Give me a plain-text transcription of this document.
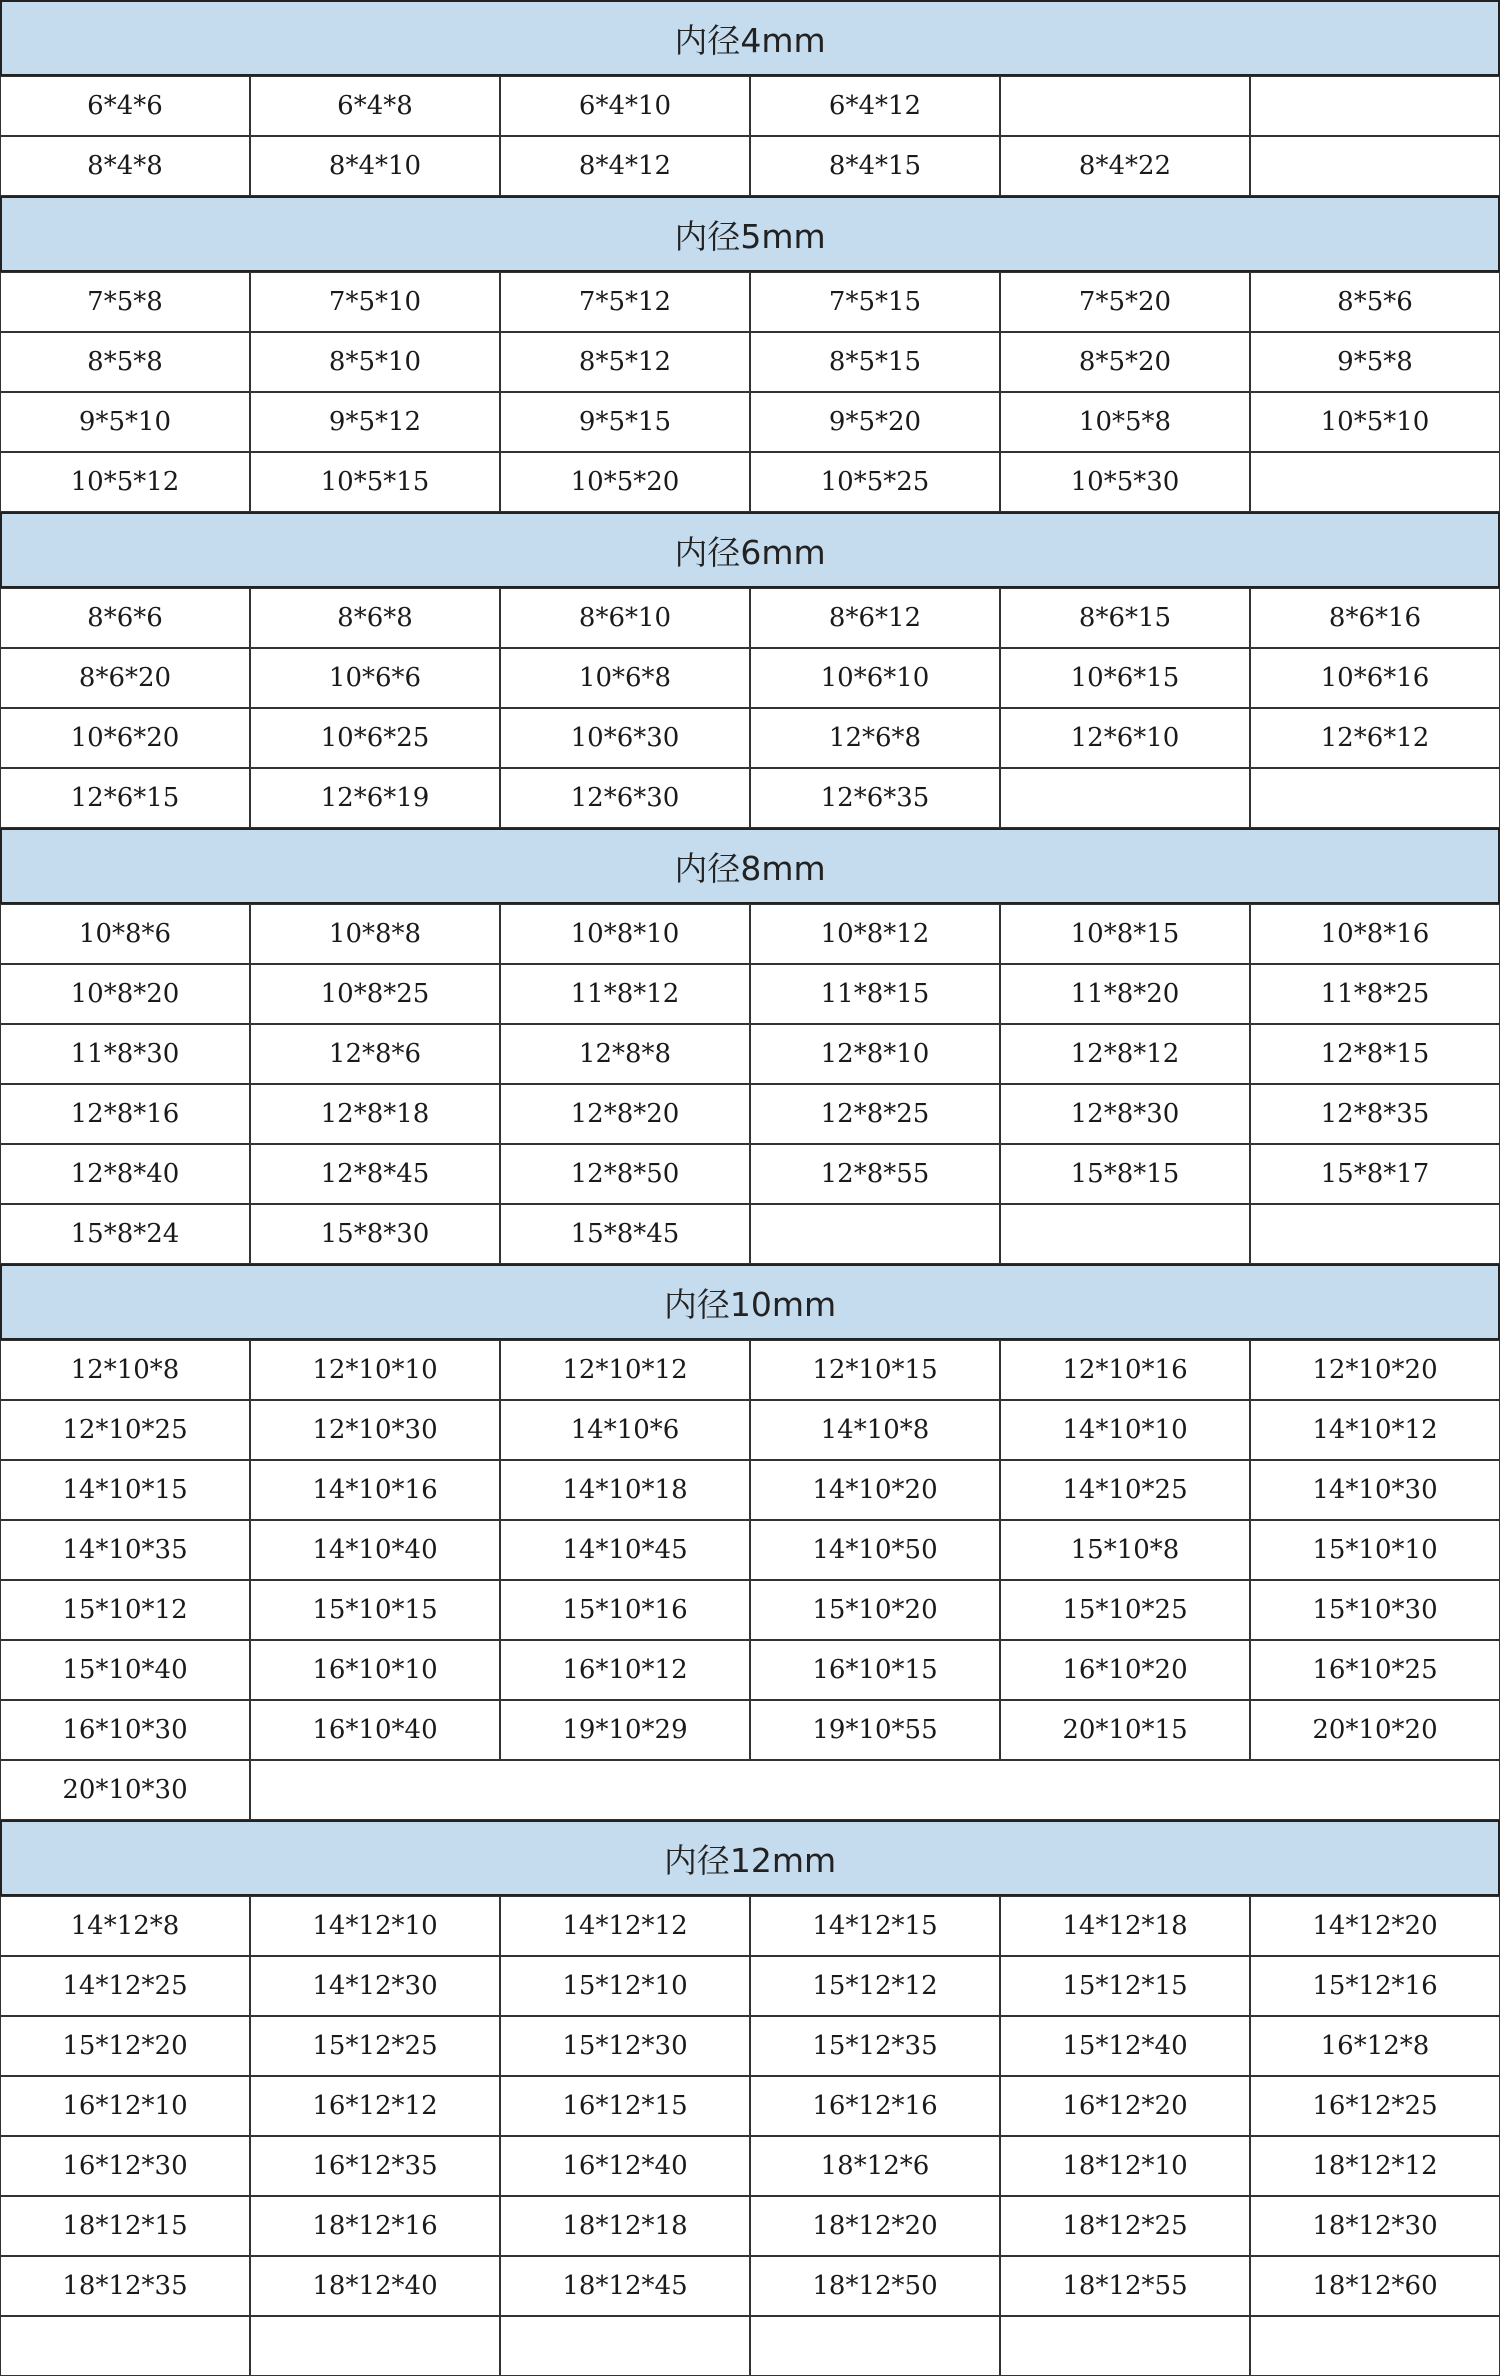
内径4mm
6*4*6	6*4*8	6*4*10	6*4*12
8*4*8	8*4*10	8*4*12	8*4*15	8*4*22
内径5mm
7*5*8	7*5*10	7*5*12	7*5*15	7*5*20	8*5*6
8*5*8	8*5*10	8*5*12	8*5*15	8*5*20	9*5*8
9*5*10	9*5*12	9*5*15	9*5*20	10*5*8	10*5*10
10*5*12	10*5*15	10*5*20	10*5*25	10*5*30
内径6mm
8*6*6	8*6*8	8*6*10	8*6*12	8*6*15	8*6*16
8*6*20	10*6*6	10*6*8	10*6*10	10*6*15	10*6*16
10*6*20	10*6*25	10*6*30	12*6*8	12*6*10	12*6*12
12*6*15	12*6*19	12*6*30	12*6*35
内径8mm
10*8*6	10*8*8	10*8*10	10*8*12	10*8*15	10*8*16
10*8*20	10*8*25	11*8*12	11*8*15	11*8*20	11*8*25
11*8*30	12*8*6	12*8*8	12*8*10	12*8*12	12*8*15
12*8*16	12*8*18	12*8*20	12*8*25	12*8*30	12*8*35
12*8*40	12*8*45	12*8*50	12*8*55	15*8*15	15*8*17
15*8*24	15*8*30	15*8*45
内径10mm
12*10*8	12*10*10	12*10*12	12*10*15	12*10*16	12*10*20
12*10*25	12*10*30	14*10*6	14*10*8	14*10*10	14*10*12
14*10*15	14*10*16	14*10*18	14*10*20	14*10*25	14*10*30
14*10*35	14*10*40	14*10*45	14*10*50	15*10*8	15*10*10
15*10*12	15*10*15	15*10*16	15*10*20	15*10*25	15*10*30
15*10*40	16*10*10	16*10*12	16*10*15	16*10*20	16*10*25
16*10*30	16*10*40	19*10*29	19*10*55	20*10*15	20*10*20
20*10*30
内径12mm
14*12*8	14*12*10	14*12*12	14*12*15	14*12*18	14*12*20
14*12*25	14*12*30	15*12*10	15*12*12	15*12*15	15*12*16
15*12*20	15*12*25	15*12*30	15*12*35	15*12*40	16*12*8
16*12*10	16*12*12	16*12*15	16*12*16	16*12*20	16*12*25
16*12*30	16*12*35	16*12*40	18*12*6	18*12*10	18*12*12
18*12*15	18*12*16	18*12*18	18*12*20	18*12*25	18*12*30
18*12*35	18*12*40	18*12*45	18*12*50	18*12*55	18*12*60
